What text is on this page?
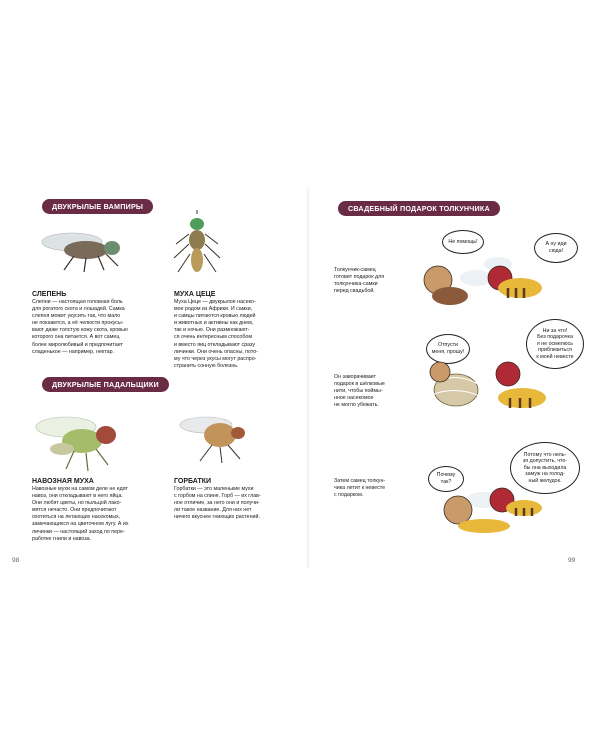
ДВУКРЫЛЫЕ ВАМПИРЫ
СЛЕПЕНЬ
Слепни — настоящая головная боль
для рогатого скота и лошадей. Самка
слепня может укусить так, что мало
не покажется, а её челюсти прокусы-
вают даже толстую кожу скота, кровью
которого она питается. А вот самец
более миролюбивый и предпочитает
сладенькое — например, нектар.
МУХА ЦЕЦЕ
Муха Цеце — двукрылое насеко-
мое родом из Африки. И самки,
и самцы питаются кровью людей
и животных и активны как днем,
так и ночью. Они размножают-
ся очень интересным способом
и вместо яиц откладывают сразу
личинки. Они очень опасны, пото-
му что через укусы могут распро-
странить сонную болезнь.
ДВУКРЫЛЫЕ ПАДАЛЬЩИКИ
НАВОЗНАЯ МУХА
Навозные мухи на самом деле не едят
навоз, они откладывают в него яйца.
Они любят цветы, но пыльцой лако-
мятся нечасто. Они предпочитают
охотиться на летающих насекомых,
замечающихся на цветочном лугу. А их
личинки — настоящий заход по пере-
работке гнили и навоза.
ГОРБАТКИ
Горбатки — это маленькие мухи
с горбом на спине. Горб — их глав-
ное отличие, за него они и получи-
ли такое название. Для них нет
ничего вкуснее гниющих растений.
98
СВАДЕБНЫЙ ПОДАРОК ТОЛКУНЧИКА
Толкунчик-самец
готовит подарок для
толкунчика-самки
перед свадьбой.
Не помощь!	А ну иди
сюда!
Он заворачивает
подарок в шёлковые
нити, чтобы поймы-
нное насекомое
не могло убежать.
Отпусти
меня, прошу!
Ни за что!
Без подарочка
я не осмелюсь
приблизиться
к моей невесте
Затем самец толкун-
чика летит к невесте
с подарком.
Почему
так?
Потому что нель-
зя допустить, что-
бы она выходила
замуж на голод-
ный желудок.
99
